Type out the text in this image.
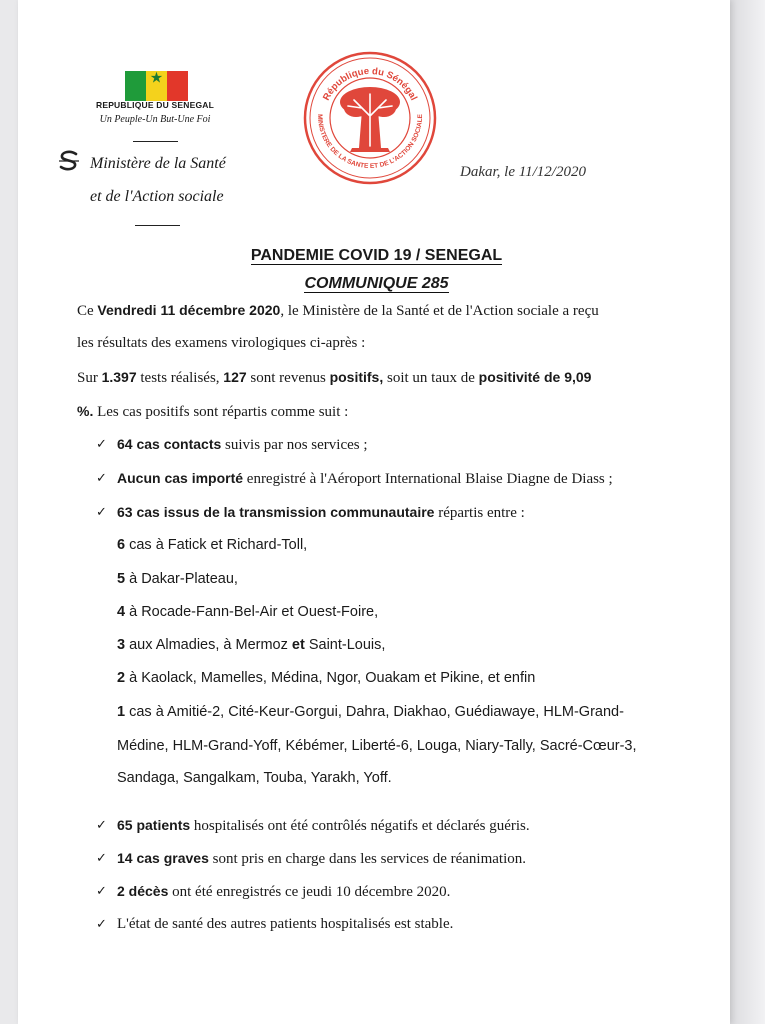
★
REPUBLIQUE DU SENEGAL
Un Peuple-Un But-Une Foi
Ministère de la Santé
et de l'Action sociale
République du Sénégal
MINISTERE DE LA SANTE ET DE L'ACTION SOCIALE
Dakar, le 11/12/2020
PANDEMIE COVID 19 / SENEGAL
COMMUNIQUE 285
Ce Vendredi 11 décembre 2020, le Ministère de la Santé et de l'Action sociale a reçu
les résultats des examens virologiques ci-après :
Sur 1.397 tests réalisés, 127 sont revenus positifs, soit un taux de positivité de 9,09
%. Les cas positifs sont répartis comme suit :
✓ 64 cas contacts suivis par nos services ;
✓ Aucun cas importé enregistré à l'Aéroport International Blaise Diagne de Diass ;
✓ 63 cas issus de la transmission communautaire répartis entre :
6 cas à Fatick et Richard-Toll,
5 à Dakar-Plateau,
4 à Rocade-Fann-Bel-Air et Ouest-Foire,
3 aux Almadies, à Mermoz et Saint-Louis,
2 à Kaolack, Mamelles, Médina, Ngor, Ouakam et Pikine, et enfin
1 cas à Amitié-2, Cité-Keur-Gorgui, Dahra, Diakhao, Guédiawaye, HLM-Grand-
Médine, HLM-Grand-Yoff, Kébémer, Liberté-6, Louga, Niary-Tally, Sacré-Cœur-3,
Sandaga, Sangalkam, Touba, Yarakh, Yoff.
✓ 65 patients hospitalisés ont été contrôlés négatifs et déclarés guéris.
✓ 14 cas graves sont pris en charge dans les services de réanimation.
✓ 2 décès ont été enregistrés ce jeudi 10 décembre 2020.
✓ L'état de santé des autres patients hospitalisés est stable.
